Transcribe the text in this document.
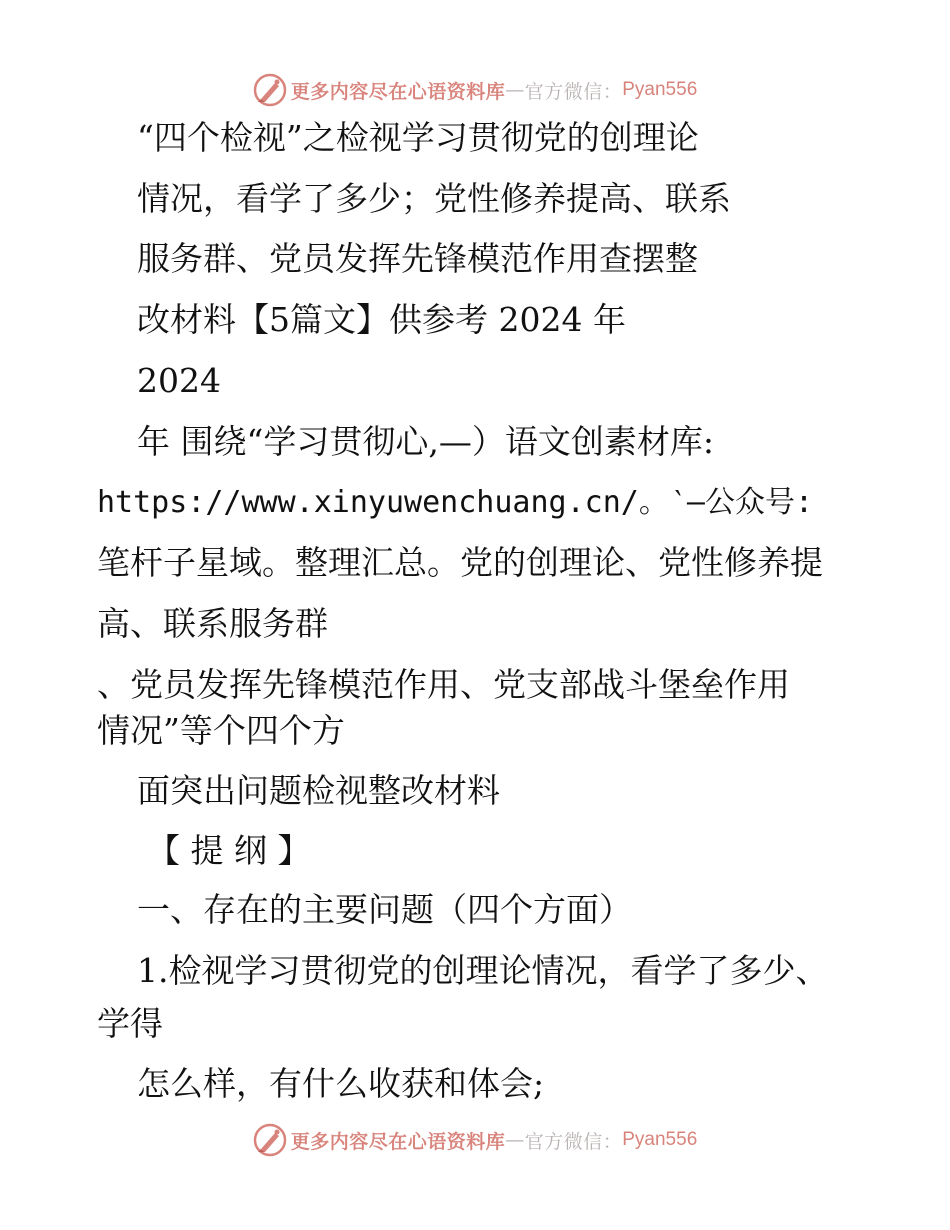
更多内容尽在心语资料库 — 官方微信： Pyan556
“四个检视”之检视学习贯彻党的创理论
情况，看学了多少；党性修养提高、联系
服务群、党员发挥先锋模范作用查摆整
改材料【5篇文】供参考 2024 年
2024
年 围绕“学习贯彻心,—）语文创素材库:
https://www.xinyuwenchuang.cn/。‵—公众号:
笔杆子星域。整理汇总。党的创理论、党性修养提
高、联系服务群
、党员发挥先锋模范作用、党支部战斗堡垒作用
情况”等个四个方
面突出问题检视整改材料
【 提 纲 】
一、存在的主要问题（四个方面）
1.检视学习贯彻党的创理论情况，看学了多少、
学得
怎么样，有什么收获和体会;
更多内容尽在心语资料库 — 官方微信： Pyan556
